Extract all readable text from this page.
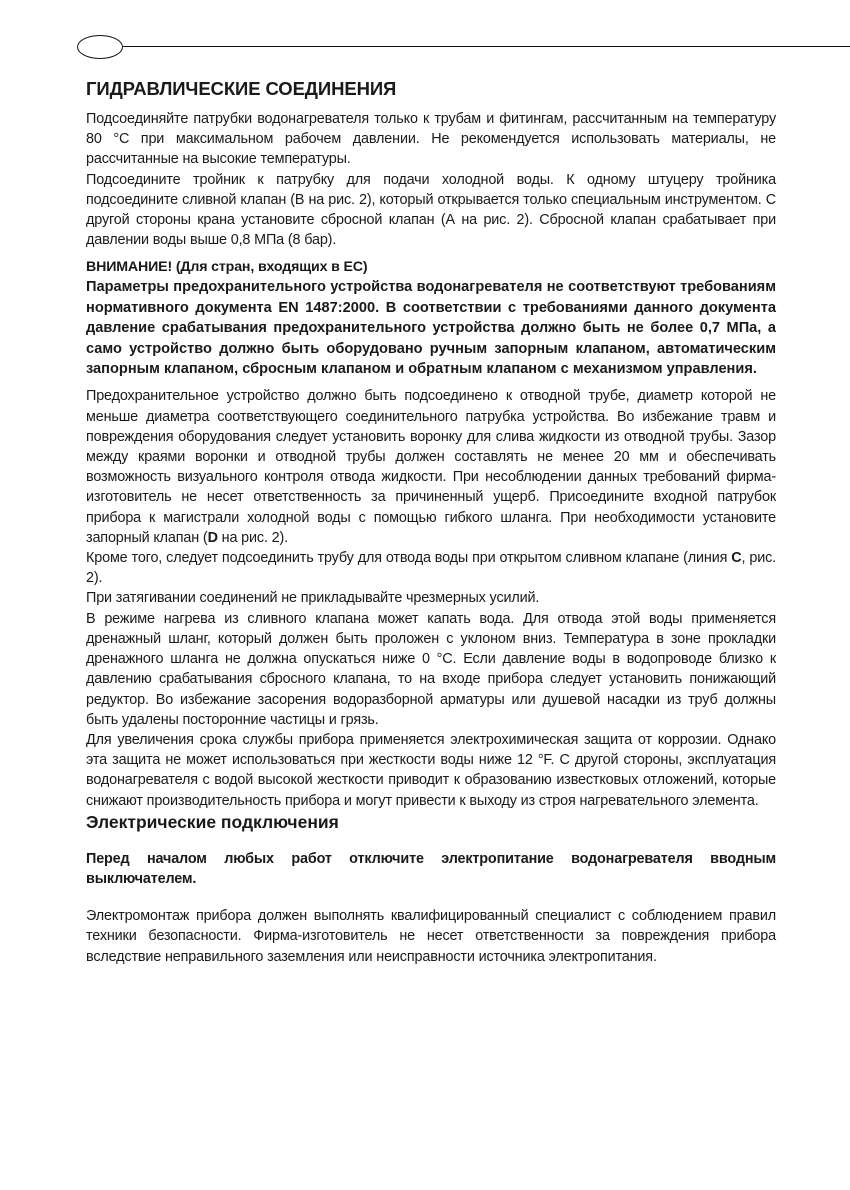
ГИДРАВЛИЧЕСКИЕ СОЕДИНЕНИЯ

Подсоединяйте патрубки водонагревателя только к трубам и фитингам, рассчитанным на температуру 80 °C при максимальном рабочем давлении. Не рекомендуется использовать материалы, не рассчитанные на высокие температуры.

Подсоедините тройник к патрубку для подачи холодной воды. К одному штуцеру тройника подсоедините сливной клапан (В на рис. 2), который открывается только специальным инструментом. С другой стороны крана установите сбросной клапан (А на рис. 2). Сбросной клапан срабатывает при давлении воды выше 0,8 МПа (8 бар).

ВНИМАНИЕ! (Для стран, входящих в ЕС)

Параметры предохранительного устройства водонагревателя не соответствуют требованиям нормативного документа EN 1487:2000. В соответствии с требованиями данного документа давление срабатывания предохранительного устройства должно быть не более 0,7 МПа, а само устройство должно быть оборудовано ручным запорным клапаном, автоматическим запорным клапаном, сбросным клапаном и обратным клапаном с механизмом управления.

Предохранительное устройство должно быть подсоединено к отводной трубе, диаметр которой не меньше диаметра соответствующего соединительного патрубка устройства. Во избежание травм и повреждения оборудования следует установить воронку для слива жидкости из отводной трубы. Зазор между краями воронки и отводной трубы должен составлять не менее 20 мм и обеспечивать возможность визуального контроля отвода жидкости. При несоблюдении данных требований фирма-изготовитель не несет ответственность за причиненный ущерб. Присоедините входной патрубок прибора к магистрали холодной воды с помощью гибкого шланга. При необходимости установите запорный клапан (D на рис. 2).

Кроме того, следует подсоединить трубу для отвода воды при открытом сливном клапане (линия C, рис. 2).

При затягивании соединений не прикладывайте чрезмерных усилий.

В режиме нагрева из сливного клапана может капать вода. Для отвода этой воды применяется дренажный шланг, который должен быть проложен с уклоном вниз. Температура в зоне прокладки дренажного шланга не должна опускаться ниже 0 °C. Если давление воды в водопроводе близко к давлению срабатывания сбросного клапана, то на входе прибора следует установить понижающий редуктор. Во избежание засорения водоразборной арматуры или душевой насадки из труб должны быть удалены посторонние частицы и грязь.

Для увеличения срока службы прибора применяется электрохимическая защита от коррозии. Однако эта защита не может использоваться при жесткости воды ниже 12 °F. С другой стороны, эксплуатация водонагревателя с водой высокой жесткости приводит к образованию известковых отложений, которые снижают производительность прибора и могут привести к выходу из строя нагревательного элемента.

Электрические подключения

Перед началом любых работ отключите электропитание водонагревателя вводным выключателем.

Электромонтаж прибора должен выполнять квалифицированный специалист с соблюдением правил техники безопасности. Фирма-изготовитель не несет ответственности за повреждения прибора вследствие неправильного заземления или неисправности источника электропитания.
